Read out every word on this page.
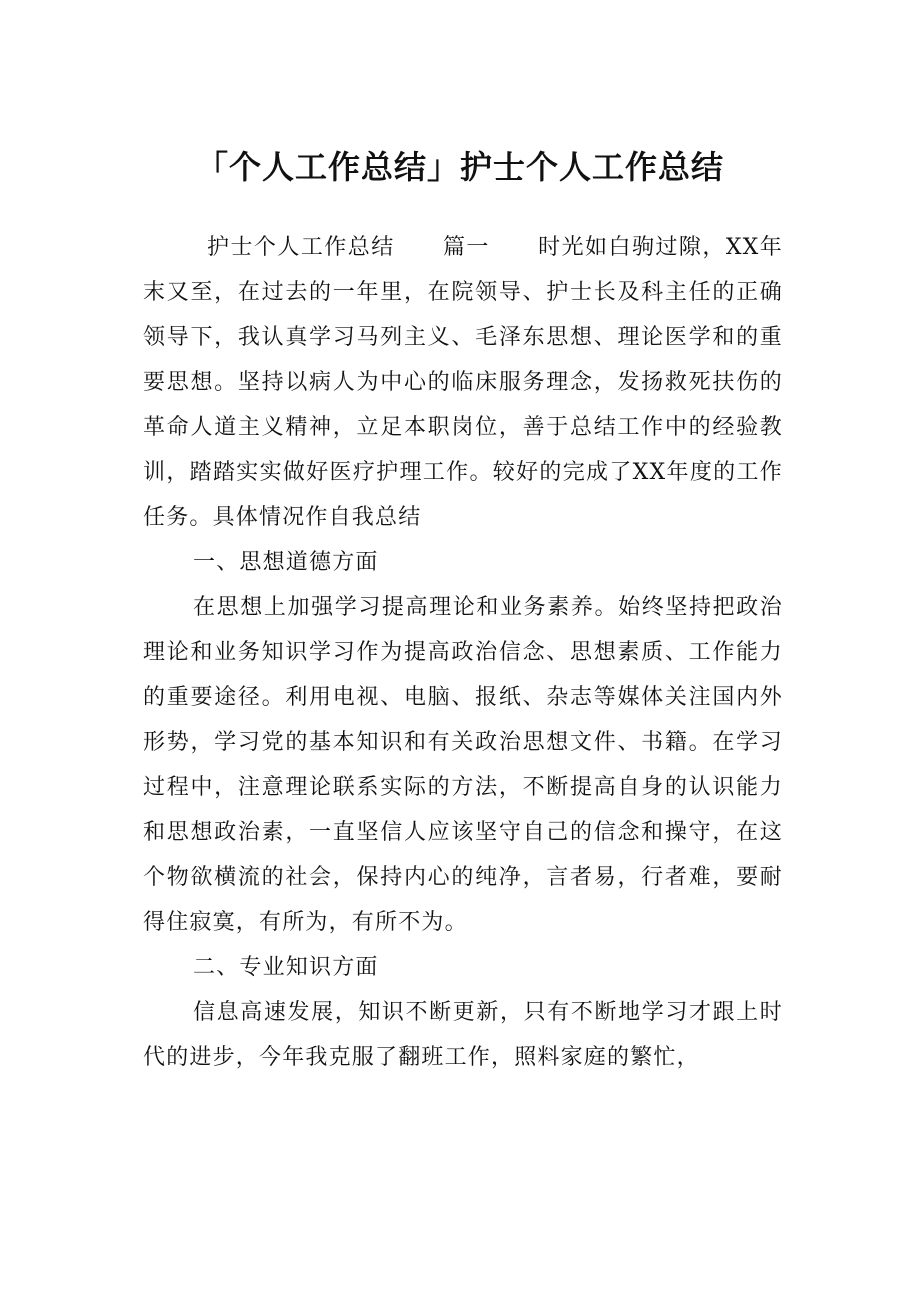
「个人工作总结」护士个人工作总结

护士个人工作总结 篇一 时光如白驹过隙，XX年末又至，在过去的一年里，在院领导、护士长及科主任的正确领导下，我认真学习马列主义、毛泽东思想、理论医学和的重要思想。坚持以病人为中心的临床服务理念，发扬救死扶伤的革命人道主义精神，立足本职岗位，善于总结工作中的经验教训，踏踏实实做好医疗护理工作。较好的完成了XX年度的工作任务。具体情况作自我总结

一、思想道德方面

在思想上加强学习提高理论和业务素养。始终坚持把政治理论和业务知识学习作为提高政治信念、思想素质、工作能力的重要途径。利用电视、电脑、报纸、杂志等媒体关注国内外形势，学习党的基本知识和有关政治思想文件、书籍。在学习过程中，注意理论联系实际的方法，不断提高自身的认识能力和思想政治素，一直坚信人应该坚守自己的信念和操守，在这个物欲横流的社会，保持内心的纯净，言者易，行者难，要耐得住寂寞，有所为，有所不为。

二、专业知识方面

信息高速发展，知识不断更新，只有不断地学习才跟上时代的进步，今年我克服了翻班工作，照料家庭的繁忙，
